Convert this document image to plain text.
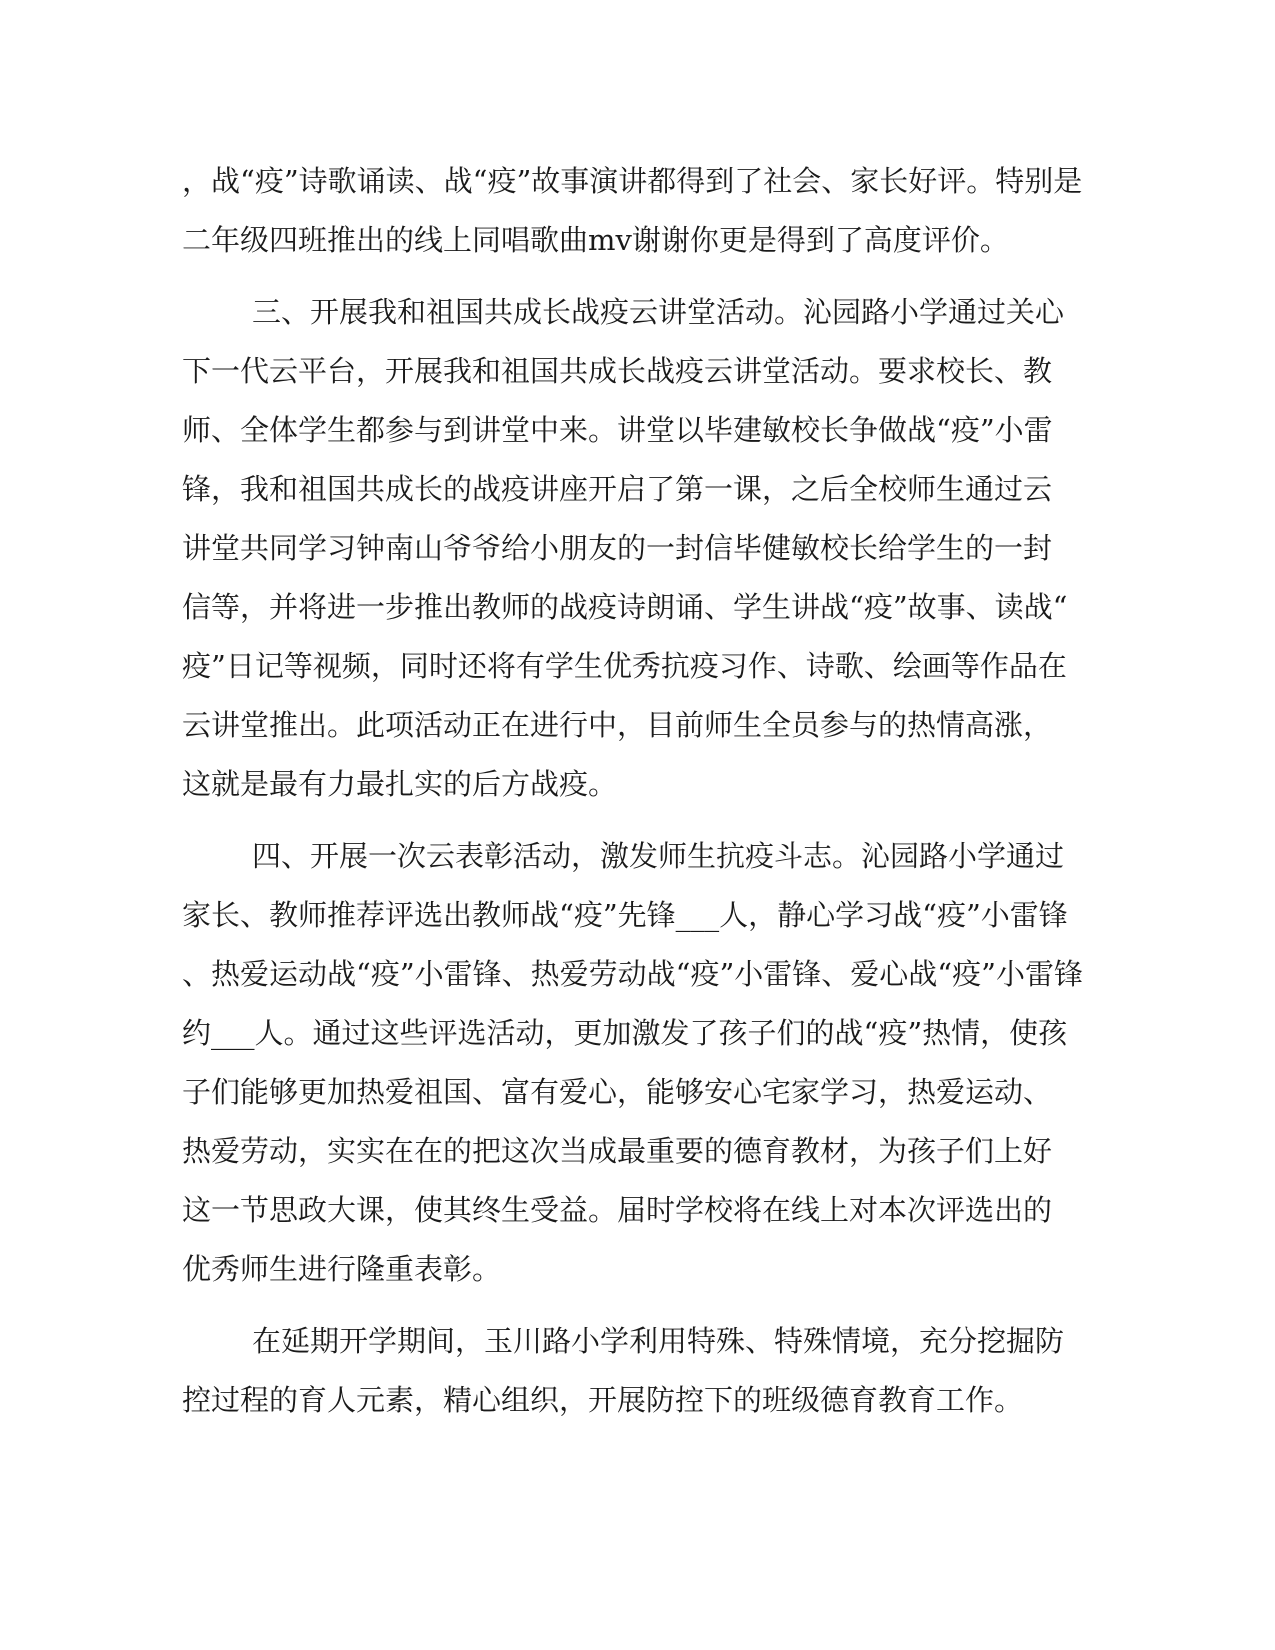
，战“疫”诗歌诵读、战“疫”故事演讲都得到了社会、家长好评。特别是
二年级四班推出的线上同唱歌曲mv谢谢你更是得到了高度评价。
三、开展我和祖国共成长战疫云讲堂活动。沁园路小学通过关心
下一代云平台，开展我和祖国共成长战疫云讲堂活动。要求校长、教
师、全体学生都参与到讲堂中来。讲堂以毕建敏校长争做战“疫”小雷
锋，我和祖国共成长的战疫讲座开启了第一课，之后全校师生通过云
讲堂共同学习钟南山爷爷给小朋友的一封信毕健敏校长给学生的一封
信等，并将进一步推出教师的战疫诗朗诵、学生讲战“疫”故事、读战“
疫”日记等视频，同时还将有学生优秀抗疫习作、诗歌、绘画等作品在
云讲堂推出。此项活动正在进行中，目前师生全员参与的热情高涨，
这就是最有力最扎实的后方战疫。
四、开展一次云表彰活动，激发师生抗疫斗志。沁园路小学通过
家长、教师推荐评选出教师战“疫”先锋___人，静心学习战“疫”小雷锋
、热爱运动战“疫”小雷锋、热爱劳动战“疫”小雷锋、爱心战“疫”小雷锋
约___人。通过这些评选活动，更加激发了孩子们的战“疫”热情，使孩
子们能够更加热爱祖国、富有爱心，能够安心宅家学习，热爱运动、
热爱劳动，实实在在的把这次当成最重要的德育教材，为孩子们上好
这一节思政大课，使其终生受益。届时学校将在线上对本次评选出的
优秀师生进行隆重表彰。
在延期开学期间，玉川路小学利用特殊、特殊情境，充分挖掘防
控过程的育人元素，精心组织，开展防控下的班级德育教育工作。
